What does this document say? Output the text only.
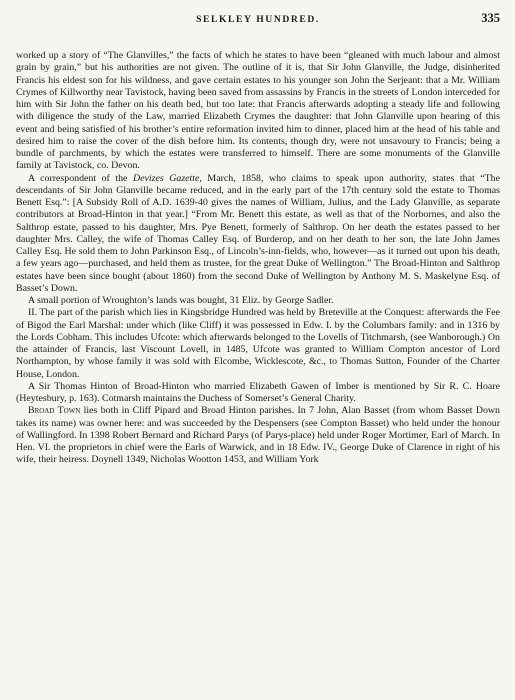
SELKLEY HUNDRED.	335

worked up a story of “The Glanvilles,” the facts of which he states to have been “gleaned with much labour and almost grain by grain,” but his authorities are not given. The outline of it is, that Sir John Glanville, the Judge, disinherited Francis his eldest son for his wildness, and gave certain estates to his younger son John the Serjeant: that a Mr. William Crymes of Killworthy near Tavistock, having been saved from assassins by Francis in the streets of London interceded for him with Sir John the father on his death bed, but too late: that Francis afterwards adopting a steady life and following with diligence the study of the Law, married Elizabeth Crymes the daughter: that John Glanville upon hearing of this event and being satisfied of his brother’s entire reformation invited him to dinner, placed him at the head of his table and desired him to raise the cover of the dish before him. Its contents, though dry, were not unsavoury to Francis; being a bundle of parchments, by which the estates were transferred to himself. There are some monuments of the Glanville family at Tavistock, co. Devon.

A correspondent of the Devizes Gazette, March, 1858, who claims to speak upon authority, states that “The descendants of Sir John Glanville became reduced, and in the early part of the 17th century sold the estate to Thomas Benett Esq.”: [A Subsidy Roll of A.D. 1639-40 gives the names of William, Julius, and the Lady Glanville, as separate contributors at Broad-Hinton in that year.] “From Mr. Benett this estate, as well as that of the Norbornes, and also the Salthrop estate, passed to his daughter, Mrs. Pye Benett, formerly of Salthrop. On her death the estates passed to her daughter Mrs. Calley, the wife of Thomas Calley Esq. of Burderop, and on her death to her son, the late John James Calley Esq. He sold them to John Parkinson Esq., of Lincoln’s-inn-fields, who, however—as it turned out upon his death, a few years ago—purchased, and held them as trustee, for the great Duke of Wellington.” The Broad-Hinton and Salthrop estates have been since bought (about 1860) from the second Duke of Wellington by Anthony M. S. Maskelyne Esq. of Basset’s Down.

A small portion of Wroughton’s lands was bought, 31 Eliz. by George Sadler.

II. The part of the parish which lies in Kingsbridge Hundred was held by Breteville at the Conquest: afterwards the Fee of Bigod the Earl Marshal: under which (like Cliff) it was possessed in Edw. I. by the Columbars family: and in 1316 by the Lords Cobham. This includes Ufcote: which afterwards belonged to the Lovells of Titchmarsh, (see Wanborough.) On the attainder of Francis, last Viscount Lovell, in 1485, Ufcote was granted to William Compton ancestor of Lord Northampton, by whose family it was sold with Elcombe, Wicklescote, &c., to Thomas Sutton, Founder of the Charter House, London.

A Sir Thomas Hinton of Broad-Hinton who married Elizabeth Gawen of Imber is mentioned by Sir R. C. Hoare (Heytesbury, p. 163). Cotmarsh maintains the Duchess of Somerset’s General Charity.

Broad Town lies both in Cliff Pipard and Broad Hinton parishes. In 7 John, Alan Basset (from whom Basset Down takes its name) was owner here: and was succeeded by the Despensers (see Compton Basset) who held under the honour of Wallingford. In 1398 Robert Bernard and Richard Parys (of Parys-place) held under Roger Mortimer, Earl of March. In Hen. VI. the proprietors in chief were the Earls of Warwick, and in 18 Edw. IV., George Duke of Clarence in right of his wife, their heiress. Doynell 1349, Nicholas Wootton 1453, and William York
